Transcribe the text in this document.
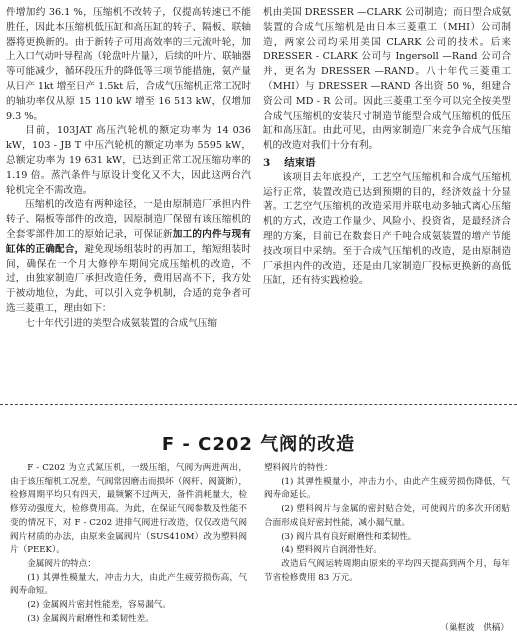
件增加约 36.1 %，压缩机不改转子，仅提高转速已不能胜任，因此本压缩机低压缸和高压缸的转子、隔板、联轴器将更换新的。由于新转子可用高效率的三元流叶轮，加上入口气动叶导程高（轮盘叶片量），后续的叶片、联轴器等可能减少，循环段压升的降低等三项节能措施，氨产量从日产 1kt 增至日产 1.5kt 后，合成气压缩机正常工况时的轴功率仅从原 15 110 kW 增至 16 513 kW，仅增加 9.3 %。

目前，103JAT 高压汽轮机的额定功率为 14 036 kW，103 - JB T 中压汽轮机的额定功率为 5595 kW，总额定功率为 19 631 kW，已达到正常工况压缩功率的 1.19 倍。蒸汽条件与原设计变化又不大，因此这两台汽轮机完全不需改造。

压缩机的改造有两种途径，一是由原制造厂承担内件转子、隔板等部件的改造，因原制造厂保留有该压缩机的全套零部件加工的原始记录，可保证新加工的内件与现有缸体的正确配合，避免现场组装时的再加工，缩短组装时间，确保在一个月大修停车期间完成压缩机的改造，不过，由独家制造厂承担改造任务，费用居高不下，我方处于被动地位，为此，可以引入竞争机制，合适的竞争者可选三菱重工，理由如下：

七十年代引进的美型合成氨装置的合成气压缩

机由美国 DRESSER —CLARK 公司制造；而日型合成氨装置的合成气压缩机是由日本三菱重工（MHI）公司制造，两家公司均采用美国 CLARK 公司的技术。后来 DRESSER - CLARK 公司与 Ingersoll —Rand 公司合并，更名为 DRESSER —RAND。八十年代三菱重工（MHI）与 DRESSER —RAND 各出资 50 %，组建合资公司 MD - R 公司。因此三菱重工至今可以完全按美型合成气压缩机的安装尺寸制造节能型合成气压缩机的低压缸和高压缸。由此可见，由两家制造厂来竞争合成气压缩机的改造对我们十分有利。

3 结束语

该项目去年底投产，工艺空气压缩机和合成气压缩机运行正常，装置改造已达到预期的目的，经济效益十分显著。工艺空气压缩机的改造采用并联电动多轴式离心压缩机的方式，改造工作量少、风险小、投资省，是最经济合理的方案，目前已在数套日产千吨合成氨装置的增产节能技改项目中采纳。至于合成气压缩机的改造，是由原制造厂承担内件的改造，还是由几家制造厂投标更换新的高低压缸，还有待实践检验。

F - C202 气阀的改造

F - C202 为立式氮压机，一级压缩，气阀为两进两出，由于该压缩机工况差，气阀常因磨击而损坏（阀杆、阀簧断），检修周期平均只有四天，最频繁不过两天，备件消耗量大，检修劳动强度大，检修费用高。为此，在保证气阀参数及性能不变的情况下，对 F - C202 进排气阀进行改造，仅仅改造气阀阀片材质的办法，由原来金属阀片（SUS410M）改为塑料阀片（PEEK）。

金属阀片的特点：

(1) 其弹性模量大，冲击力大，由此产生疲劳损伤高，气阀寿命短。

(2) 金属阀片密封性能差，容易漏气。

(3) 金属阀片耐磨性和柔韧性差。

塑料阀片的特性：

(1) 其弹性模量小，冲击力小，由此产生疲劳损伤降低，气阀寿命延长。

(2) 塑料阀片与金属的密封贴合处，可使阀片的多次开闭贴合面形成良好密封性能，减小漏气量。

(3) 阀片具有良好耐磨性和柔韧性。

(4) 塑料阀片自润滑性好。

改造后气阀运转周期由原来的平均四天提高到两个月，每年节省检修费用 83 万元。

（巢框波　供稿）
